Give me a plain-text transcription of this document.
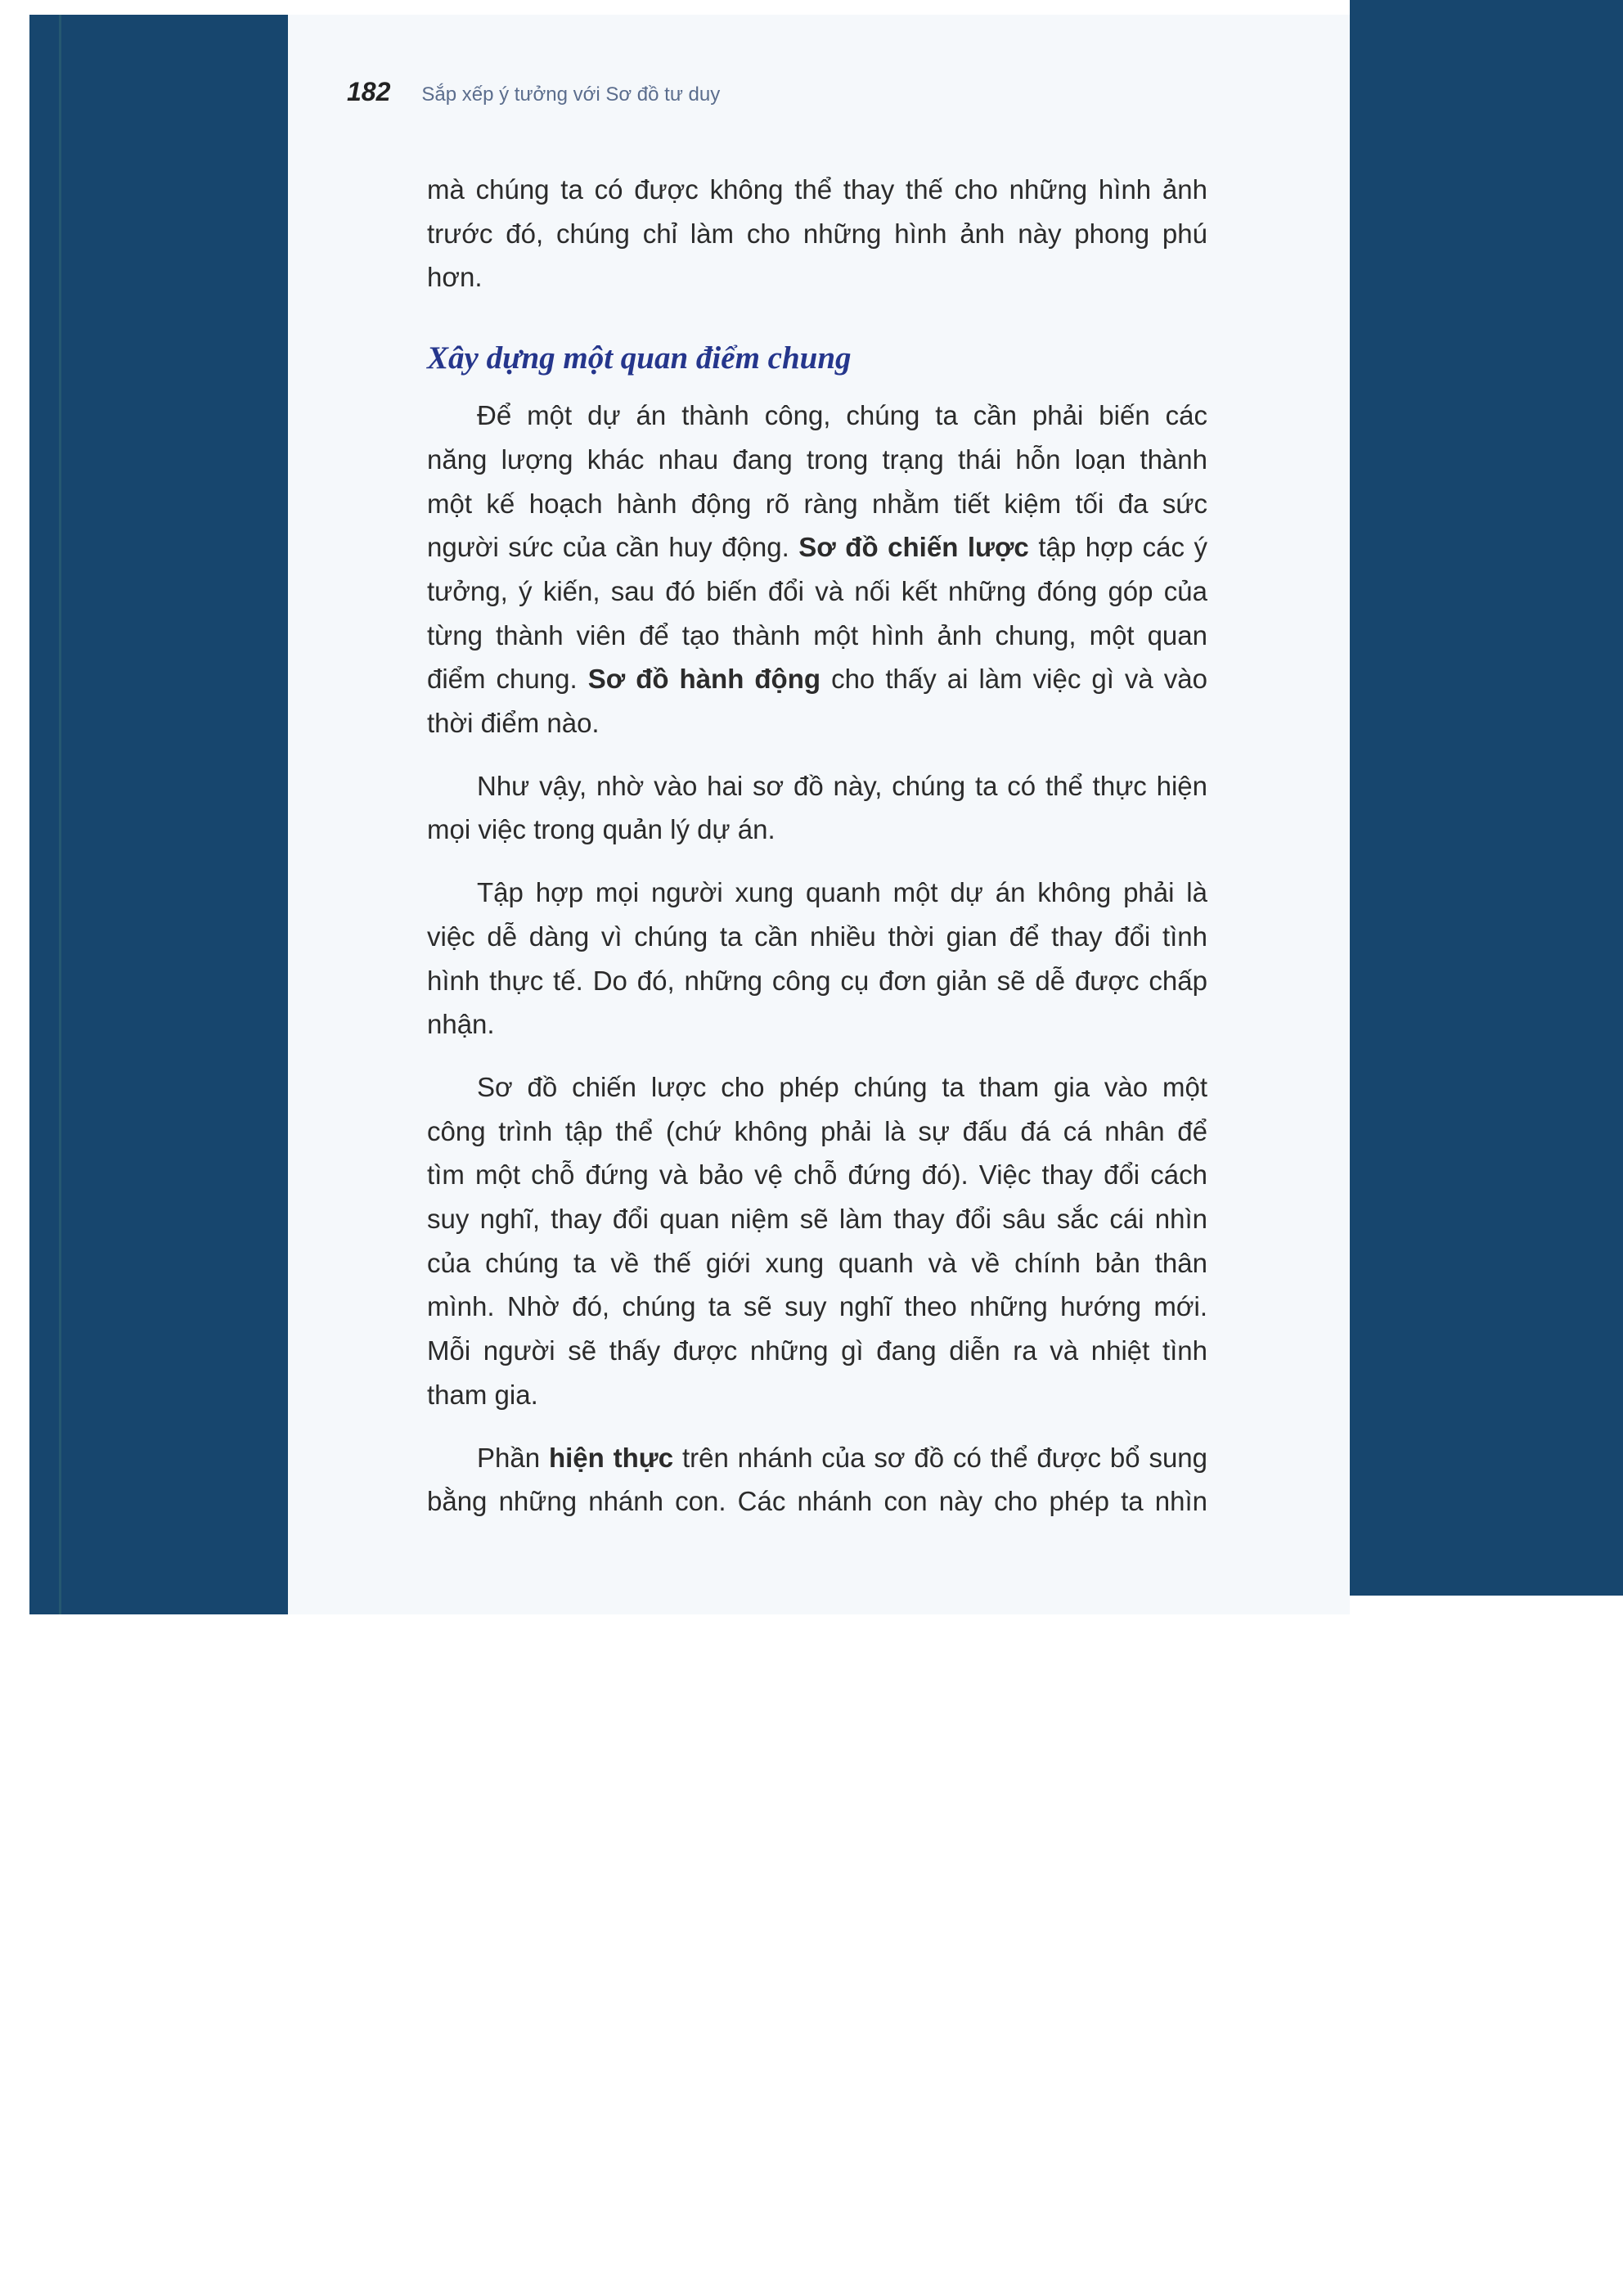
182 Sắp xếp ý tưởng với Sơ đồ tư duy
mà chúng ta có được không thể thay thế cho những hình ảnh
trước đó, chúng chỉ làm cho những hình ảnh này phong phú
hơn.
Xây dựng một quan điểm chung
Để một dự án thành công, chúng ta cần phải biến các
năng lượng khác nhau đang trong trạng thái hỗn loạn thành
một kế hoạch hành động rõ ràng nhằm tiết kiệm tối đa sức
người sức của cần huy động. Sơ đồ chiến lược tập hợp các ý
tưởng, ý kiến, sau đó biến đổi và nối kết những đóng góp của
từng thành viên để tạo thành một hình ảnh chung, một quan
điểm chung. Sơ đồ hành động cho thấy ai làm việc gì và vào
thời điểm nào.
Như vậy, nhờ vào hai sơ đồ này, chúng ta có thể thực hiện
mọi việc trong quản lý dự án.
Tập hợp mọi người xung quanh một dự án không phải là
việc dễ dàng vì chúng ta cần nhiều thời gian để thay đổi tình
hình thực tế. Do đó, những công cụ đơn giản sẽ dễ được chấp
nhận.
Sơ đồ chiến lược cho phép chúng ta tham gia vào một
công trình tập thể (chứ không phải là sự đấu đá cá nhân để
tìm một chỗ đứng và bảo vệ chỗ đứng đó). Việc thay đổi cách
suy nghĩ, thay đổi quan niệm sẽ làm thay đổi sâu sắc cái nhìn
của chúng ta về thế giới xung quanh và về chính bản thân
mình. Nhờ đó, chúng ta sẽ suy nghĩ theo những hướng mới.
Mỗi người sẽ thấy được những gì đang diễn ra và nhiệt tình
tham gia.
Phần hiện thực trên nhánh của sơ đồ có thể được bổ sung
bằng những nhánh con. Các nhánh con này cho phép ta nhìn
